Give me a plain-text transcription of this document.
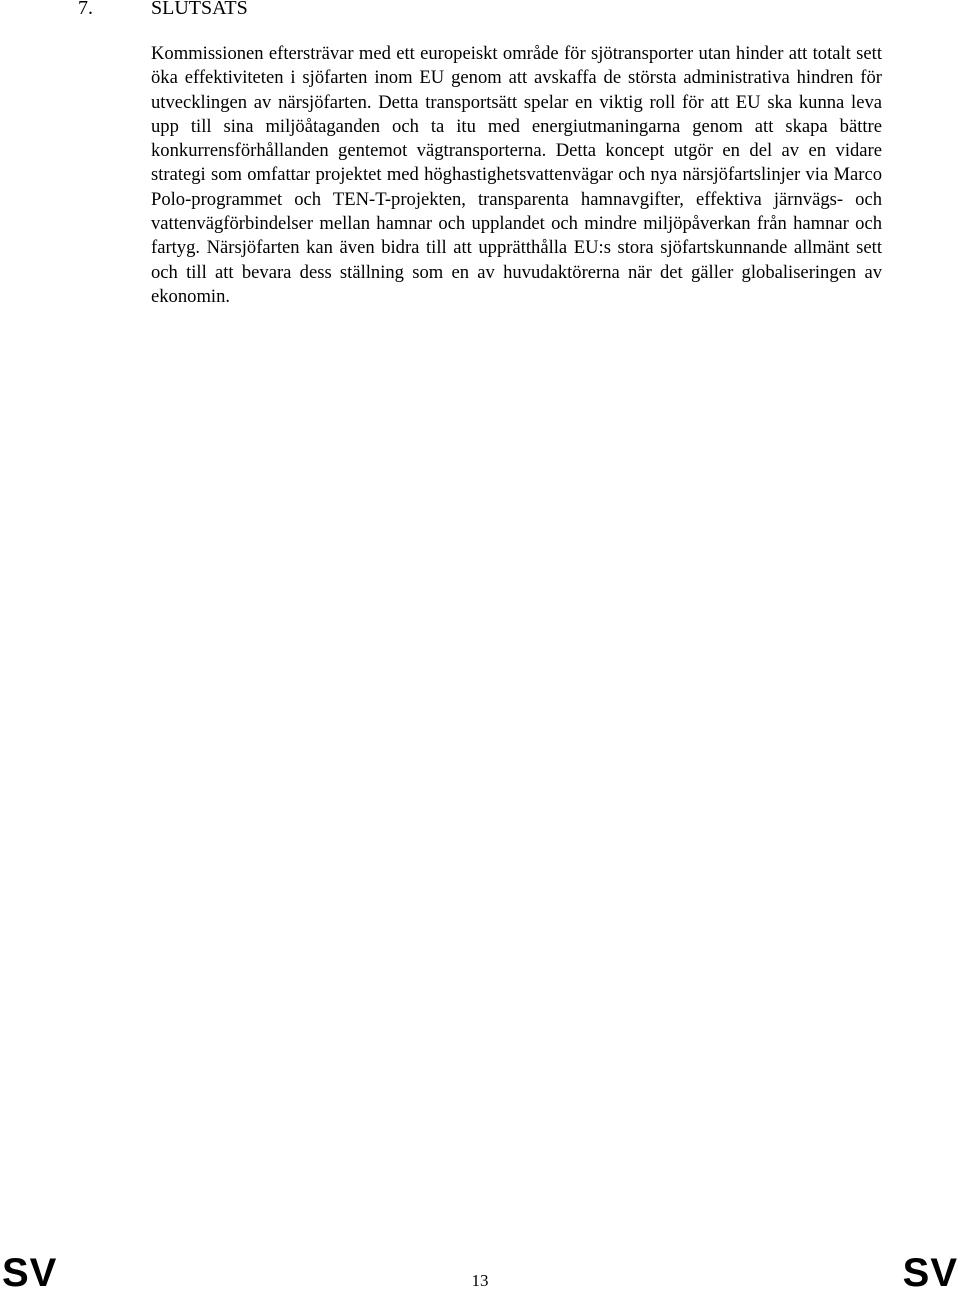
7.	SLUTSATS

Kommissionen eftersträvar med ett europeiskt område för sjötransporter utan hinder att totalt sett öka effektiviteten i sjöfarten inom EU genom att avskaffa de största administrativa hindren för utvecklingen av närsjöfarten. Detta transportsätt spelar en viktig roll för att EU ska kunna leva upp till sina miljöåtaganden och ta itu med energiutmaningarna genom att skapa bättre konkurrensförhållanden gentemot vägtransporterna. Detta koncept utgör en del av en vidare strategi som omfattar projektet med höghastighetsvattenvägar och nya närsjöfartslinjer via Marco Polo-programmet och TEN-T-projekten, transparenta hamnavgifter, effektiva järnvägs- och vattenvägförbindelser mellan hamnar och upplandet och mindre miljöpåverkan från hamnar och fartyg. Närsjöfarten kan även bidra till att upprätthålla EU:s stora sjöfartskunnande allmänt sett och till att bevara dess ställning som en av huvudaktörerna när det gäller globaliseringen av ekonomin.

SV	13	SV
